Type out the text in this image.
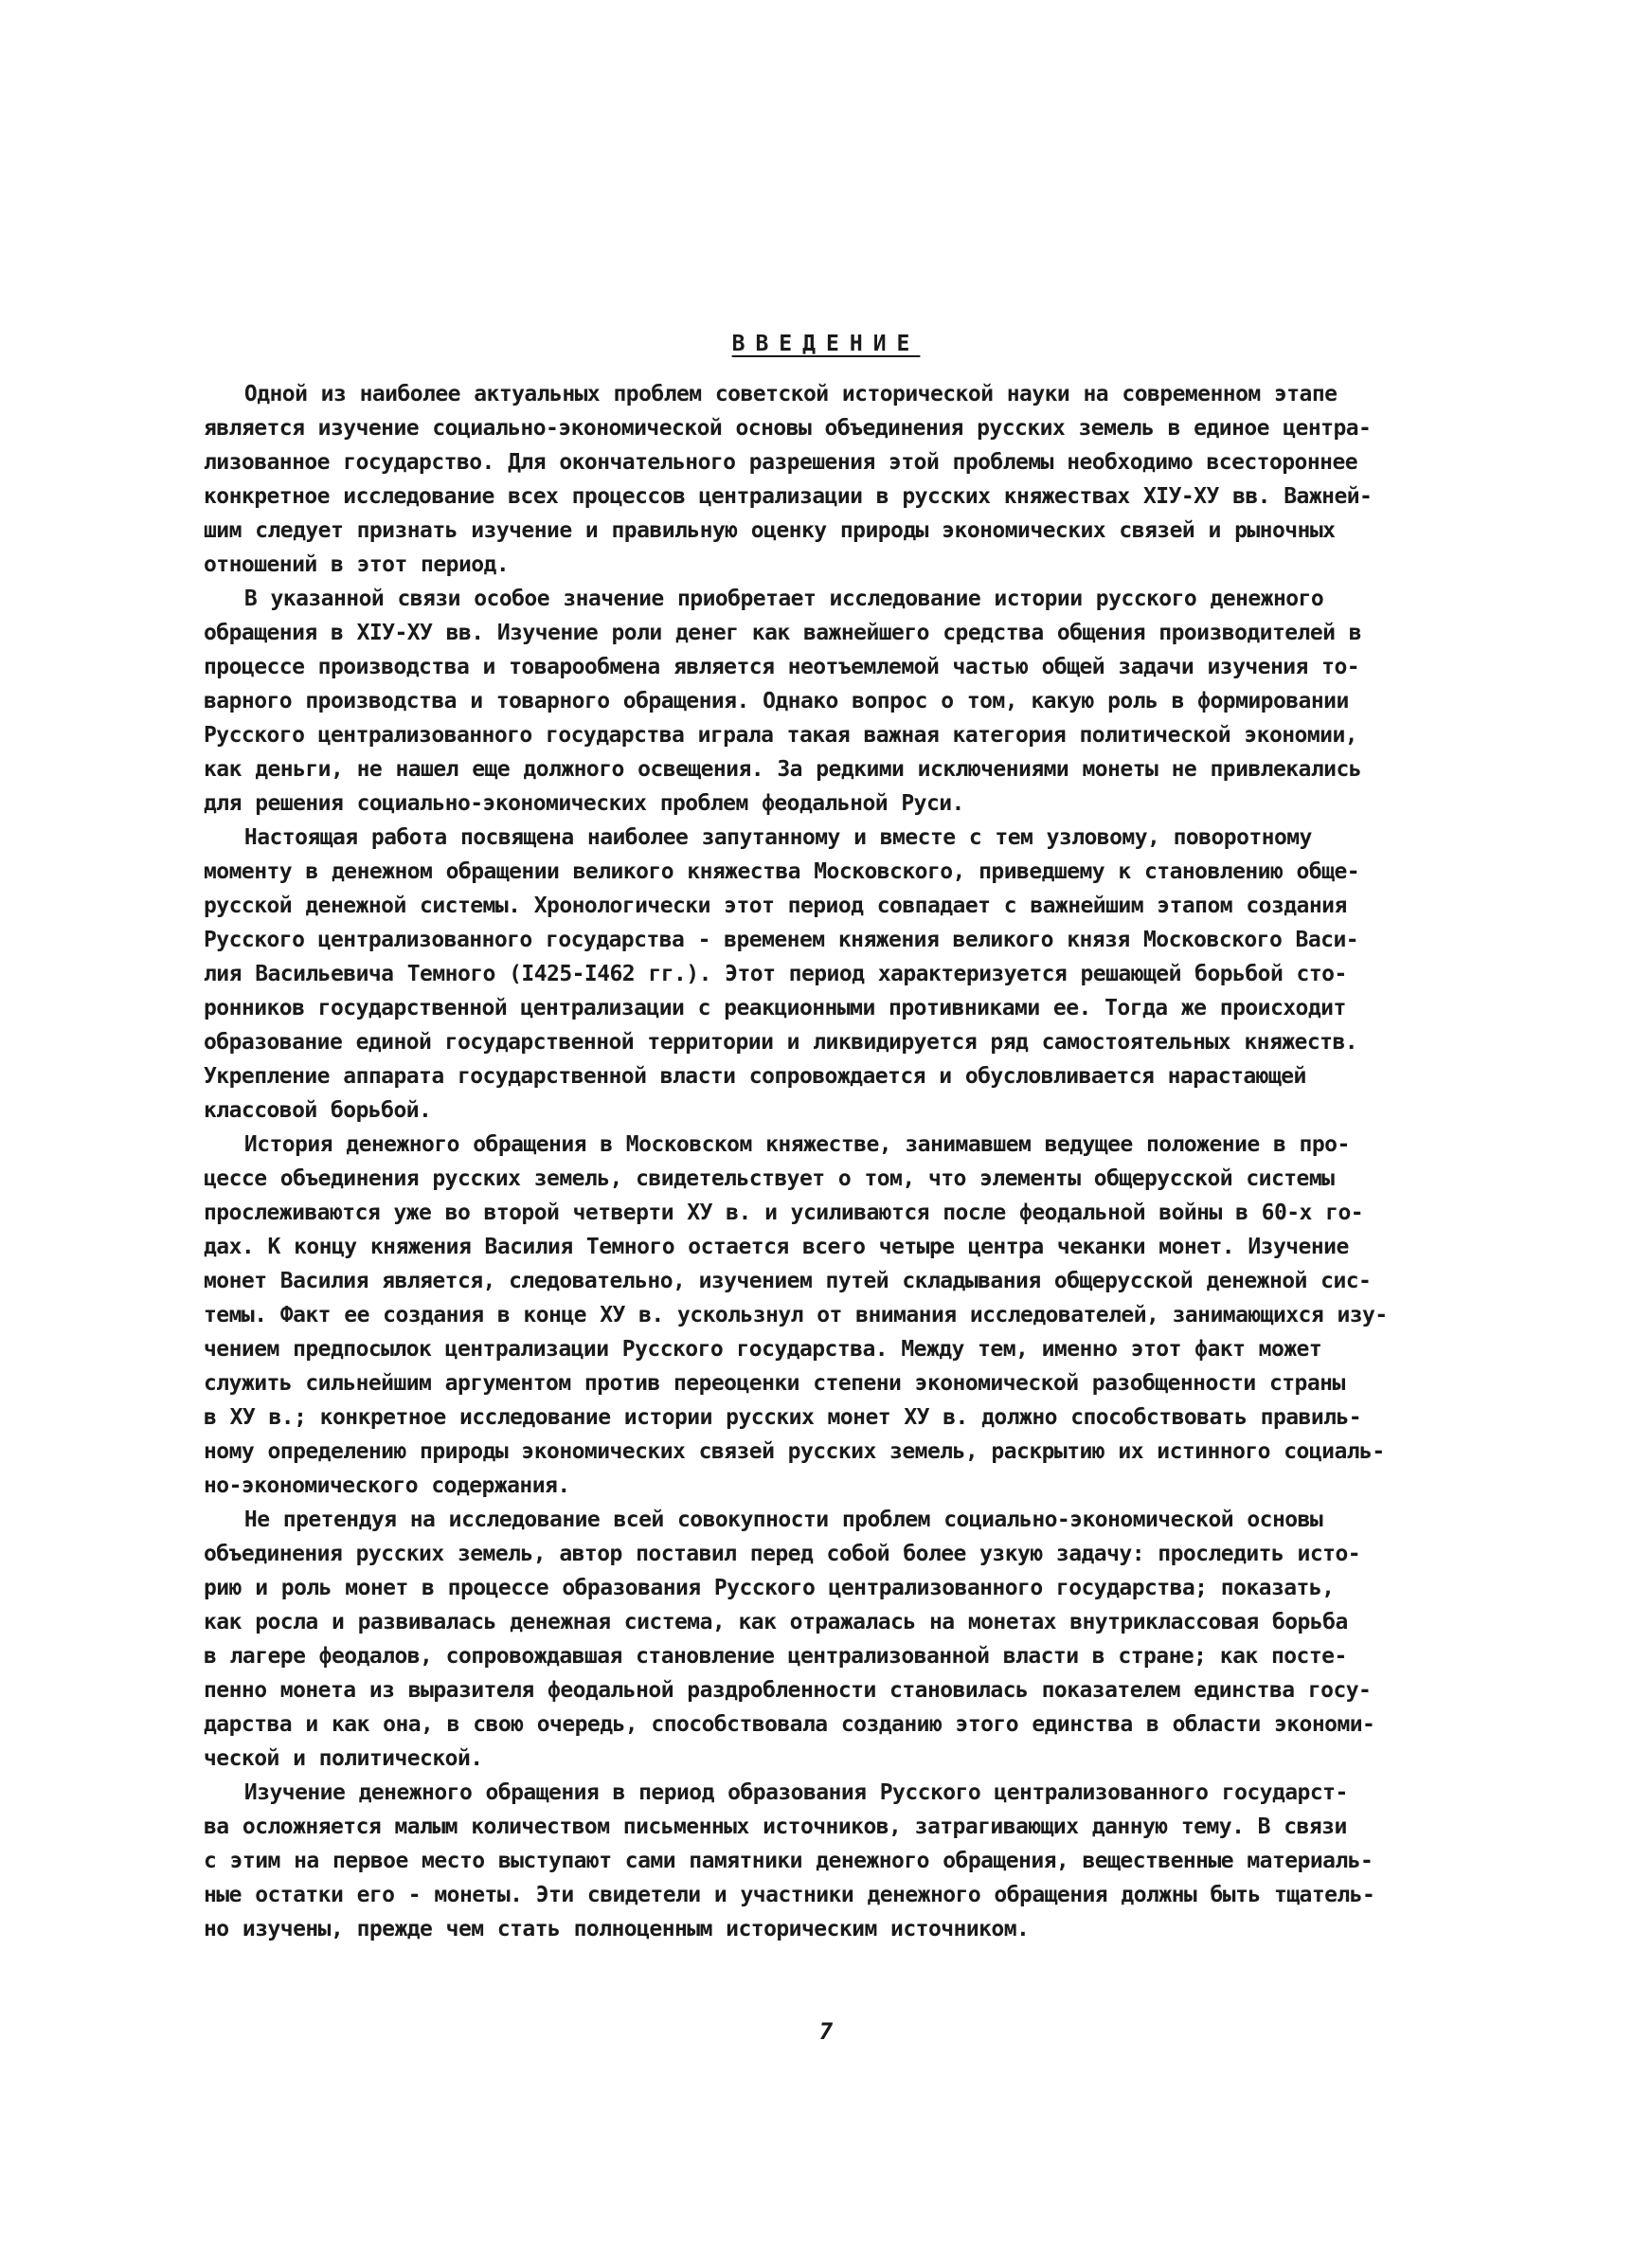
ВВЕДЕНИЕ
Одной из наиболее актуальных проблем советской исторической науки на современном этапе
является изучение социально-экономической основы объединения русских земель в единое центра-
лизованное государство. Для окончательного разрешения этой проблемы необходимо всестороннее
конкретное исследование всех процессов централизации в русских княжествах ХIУ-ХУ вв. Важней-
шим следует признать изучение и правильную оценку природы экономических связей и рыночных
отношений в этот период.
В указанной связи особое значение приобретает исследование истории русского денежного
обращения в ХIУ-ХУ вв. Изучение роли денег как важнейшего средства общения производителей в
процессе производства и товарообмена является неотъемлемой частью общей задачи изучения то-
варного производства и товарного обращения. Однако вопрос о том, какую роль в формировании
Русского централизованного государства играла такая важная категория политической экономии,
как деньги, не нашел еще должного освещения. За редкими исключениями монеты не привлекались
для решения социально-экономических проблем феодальной Руси.
Настоящая работа посвящена наиболее запутанному и вместе с тем узловому, поворотному
моменту в денежном обращении великого княжества Московского, приведшему к становлению обще-
русской денежной системы. Хронологически этот период совпадает с важнейшим этапом создания
Русского централизованного государства - временем княжения великого князя Московского Васи-
лия Васильевича Темного (I425-I462 гг.). Этот период характеризуется решающей борьбой сто-
ронников государственной централизации с реакционными противниками ее. Тогда же происходит
образование единой государственной территории и ликвидируется ряд самостоятельных княжеств.
Укрепление аппарата государственной власти сопровождается и обусловливается нарастающей
классовой борьбой.
История денежного обращения в Московском княжестве, занимавшем ведущее положение в про-
цессе объединения русских земель, свидетельствует о том, что элементы общерусской системы
прослеживаются уже во второй четверти ХУ в. и усиливаются после феодальной войны в 60-х го-
дах. К концу княжения Василия Темного остается всего четыре центра чеканки монет. Изучение
монет Василия является, следовательно, изучением путей складывания общерусской денежной сис-
темы. Факт ее создания в конце ХУ в. ускользнул от внимания исследователей, занимающихся изу-
чением предпосылок централизации Русского государства. Между тем, именно этот факт может
служить сильнейшим аргументом против переоценки степени экономической разобщенности страны
в ХУ в.; конкретное исследование истории русских монет ХУ в. должно способствовать правиль-
ному определению природы экономических связей русских земель, раскрытию их истинного социаль-
но-экономического содержания.
Не претендуя на исследование всей совокупности проблем социально-экономической основы
объединения русских земель, автор поставил перед собой более узкую задачу: проследить исто-
рию и роль монет в процессе образования Русского централизованного государства; показать,
как росла и развивалась денежная система, как отражалась на монетах внутриклассовая борьба
в лагере феодалов, сопровождавшая становление централизованной власти в стране; как посте-
пенно монета из выразителя феодальной раздробленности становилась показателем единства госу-
дарства и как она, в свою очередь, способствовала созданию этого единства в области экономи-
ческой и политической.
Изучение денежного обращения в период образования Русского централизованного государст-
ва осложняется малым количеством письменных источников, затрагивающих данную тему. В связи
с этим на первое место выступают сами памятники денежного обращения, вещественные материаль-
ные остатки его - монеты. Эти свидетели и участники денежного обращения должны быть тщатель-
но изучены, прежде чем стать полноценным историческим источником.
7
